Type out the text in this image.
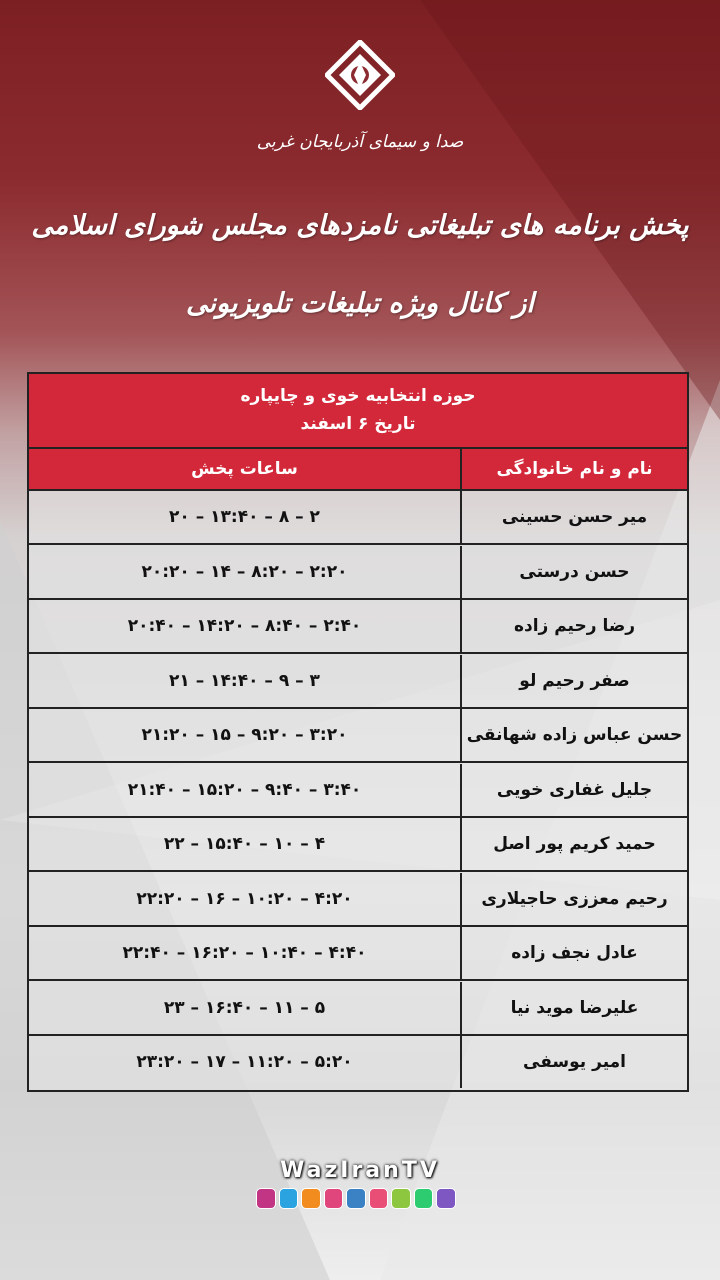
صدا و سیمای آذربایجان غربی
پخش برنامه های تبلیغاتی نامزدهای مجلس شورای اسلامی
از کانال ویژه تبلیغات تلویزیونی
حوزه انتخابیه خوی و چایپاره
تاریخ ۶ اسفند
نام و نام خانوادگی
ساعات پخش
۲ – ۸ – ۱۳:۴۰ – ۲۰	میر حسن حسینی
۲:۲۰ – ۸:۲۰ – ۱۴ – ۲۰:۲۰	حسن درستی
۲:۴۰ – ۸:۴۰ – ۱۴:۲۰ – ۲۰:۴۰	رضا رحیم زاده
۳ – ۹ – ۱۴:۴۰ – ۲۱	صفر رحیم لو
۳:۲۰ – ۹:۲۰ – ۱۵ – ۲۱:۲۰	حسن عباس زاده شهانقی
۳:۴۰ – ۹:۴۰ – ۱۵:۲۰ – ۲۱:۴۰	جلیل غفاری خویی
۴ – ۱۰ – ۱۵:۴۰ – ۲۲	حمید کریم پور اصل
۴:۲۰ – ۱۰:۲۰ – ۱۶ – ۲۲:۲۰	رحیم معززی حاجیلاری
۴:۴۰ – ۱۰:۴۰ – ۱۶:۲۰ – ۲۲:۴۰	عادل نجف زاده
۵ – ۱۱ – ۱۶:۴۰ – ۲۳	علیرضا موید نیا
۵:۲۰ – ۱۱:۲۰ – ۱۷ – ۲۳:۲۰	امیر یوسفی
WazIranTV
